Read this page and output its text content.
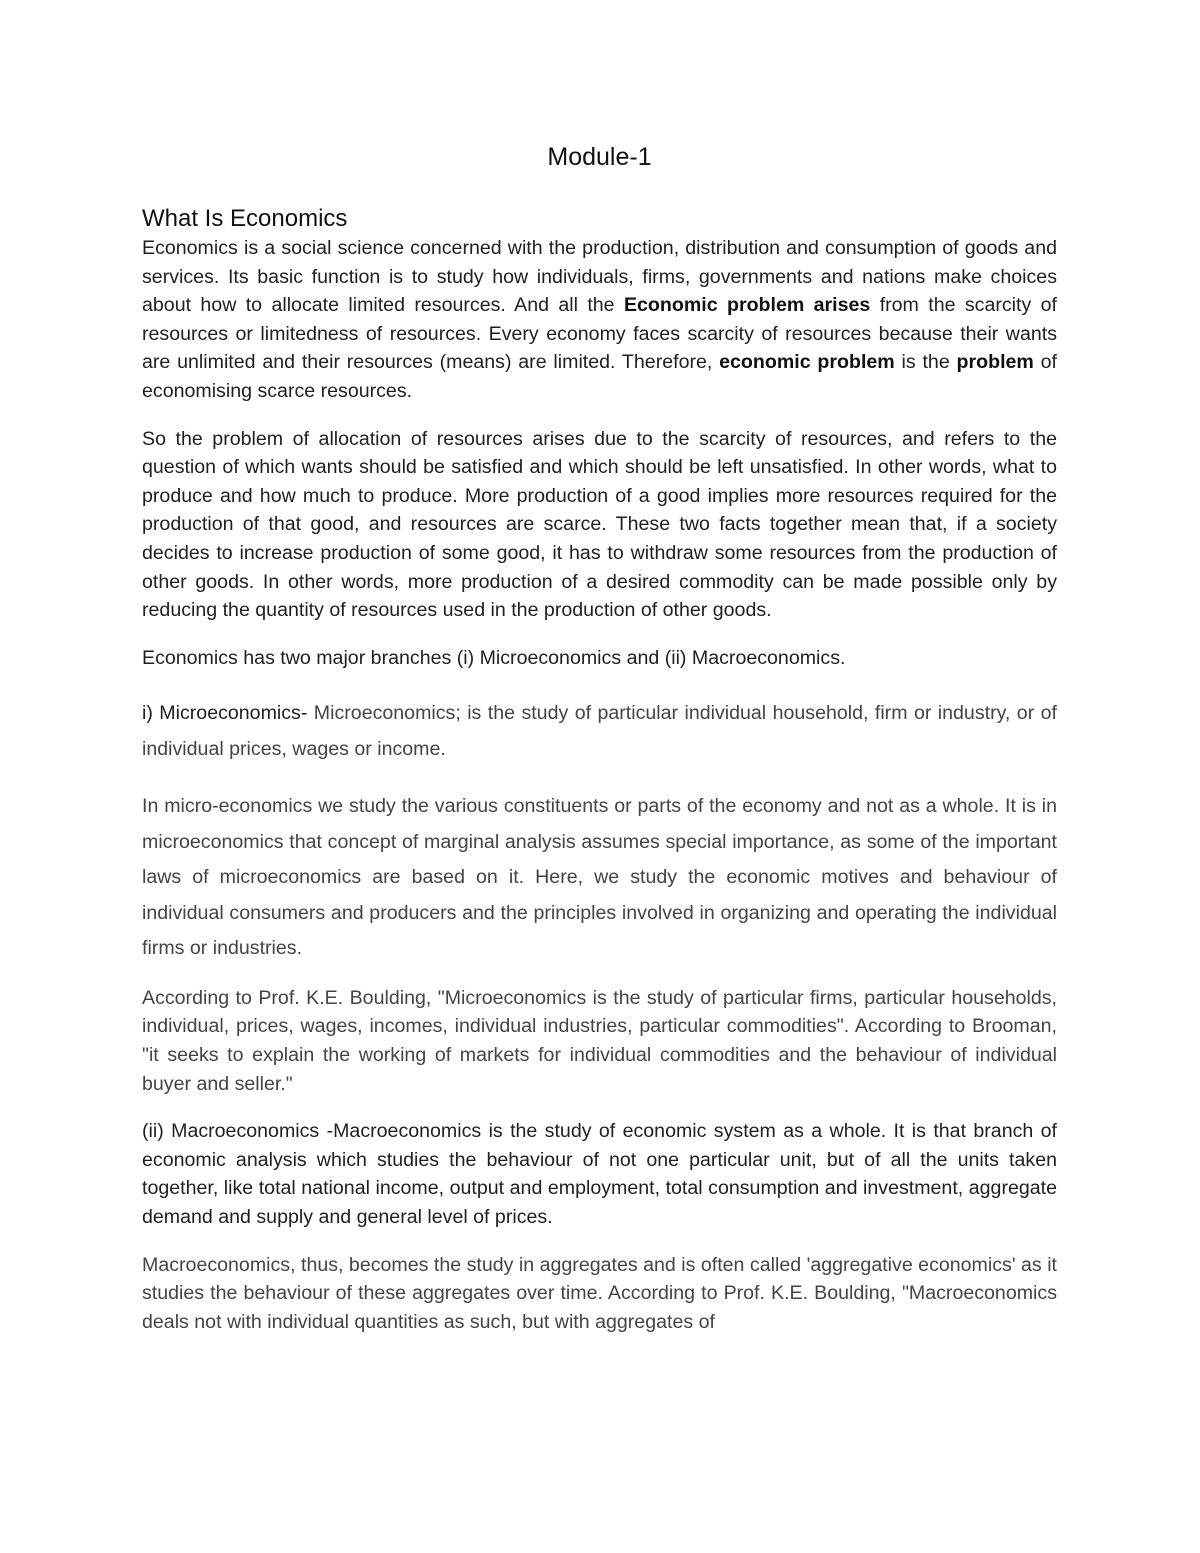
Module-1
What Is Economics

Economics is a social science concerned with the production, distribution and consumption of goods and services. Its basic function is to study how individuals, firms, governments and nations make choices about how to allocate limited resources. And all the Economic problem arises from the scarcity of resources or limitedness of resources. Every economy faces scarcity of resources because their wants are unlimited and their resources (means) are limited. Therefore, economic problem is the problem of economising scarce resources.

So the problem of allocation of resources arises due to the scarcity of resources, and refers to the question of which wants should be satisfied and which should be left unsatisfied. In other words, what to produce and how much to produce. More production of a good implies more resources required for the production of that good, and resources are scarce. These two facts together mean that, if a society decides to increase production of some good, it has to withdraw some resources from the production of other goods. In other words, more production of a desired commodity can be made possible only by reducing the quantity of resources used in the production of other goods.

Economics has two major branches (i) Microeconomics and (ii) Macroeconomics.

i) Microeconomics- Microeconomics; is the study of particular individual household, firm or industry, or of individual prices, wages or income.

In micro-economics we study the various constituents or parts of the economy and not as a whole. It is in microeconomics that concept of marginal analysis assumes special importance, as some of the important laws of microeconomics are based on it. Here, we study the economic motives and behaviour of individual consumers and producers and the principles involved in organizing and operating the individual firms or industries.

According to Prof. K.E. Boulding, "Microeconomics is the study of particular firms, particular households, individual, prices, wages, incomes, individual industries, particular commodities". According to Brooman, "it seeks to explain the working of markets for individual commodities and the behaviour of individual buyer and seller."

(ii) Macroeconomics -Macroeconomics is the study of economic system as a whole. It is that branch of economic analysis which studies the behaviour of not one particular unit, but of all the units taken together, like total national income, output and employment, total consumption and investment, aggregate demand and supply and general level of prices.

Macroeconomics, thus, becomes the study in aggregates and is often called 'aggregative economics' as it studies the behaviour of these aggregates over time. According to Prof. K.E. Boulding, "Macroeconomics deals not with individual quantities as such, but with aggregates of
